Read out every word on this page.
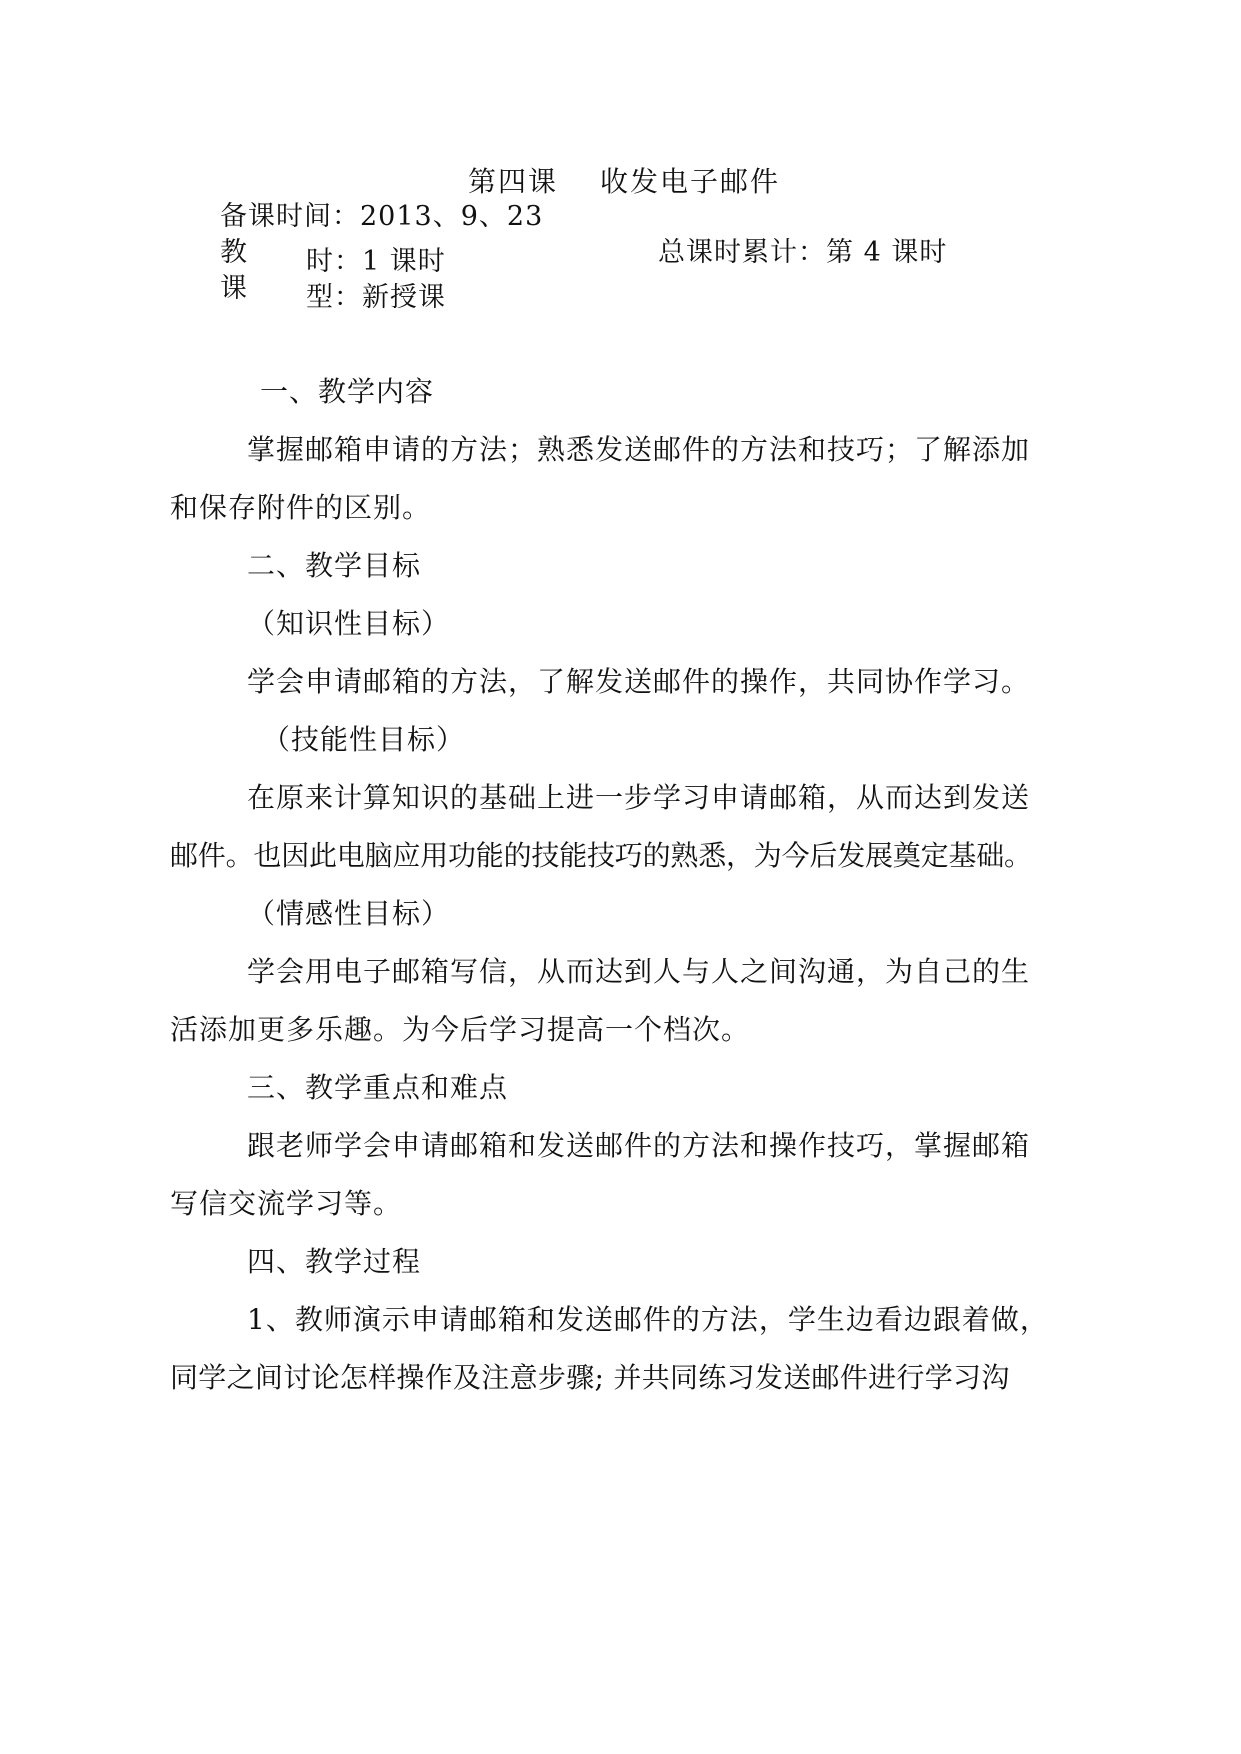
第四课 收发电子邮件
备课时间：2013、9、23
教 时：1 课时	总课时累计：第 4 课时
课 型：新授课
一、教学内容
掌握邮箱申请的方法；熟悉发送邮件的方法和技巧；了解添加
和保存附件的区别。
二、教学目标
（知识性目标）
学会申请邮箱的方法，了解发送邮件的操作，共同协作学习。
（技能性目标）
在原来计算知识的基础上进一步学习申请邮箱，从而达到发送
邮件。也因此电脑应用功能的技能技巧的熟悉，为今后发展奠定基础。
（情感性目标）
学会用电子邮箱写信，从而达到人与人之间沟通，为自己的生
活添加更多乐趣。为今后学习提高一个档次。
三、教学重点和难点
跟老师学会申请邮箱和发送邮件的方法和操作技巧，掌握邮箱
写信交流学习等。
四、教学过程
1、教师演示申请邮箱和发送邮件的方法，学生边看边跟着做，
同学之间讨论怎样操作及注意步骤; 并共同练习发送邮件进行学习沟
